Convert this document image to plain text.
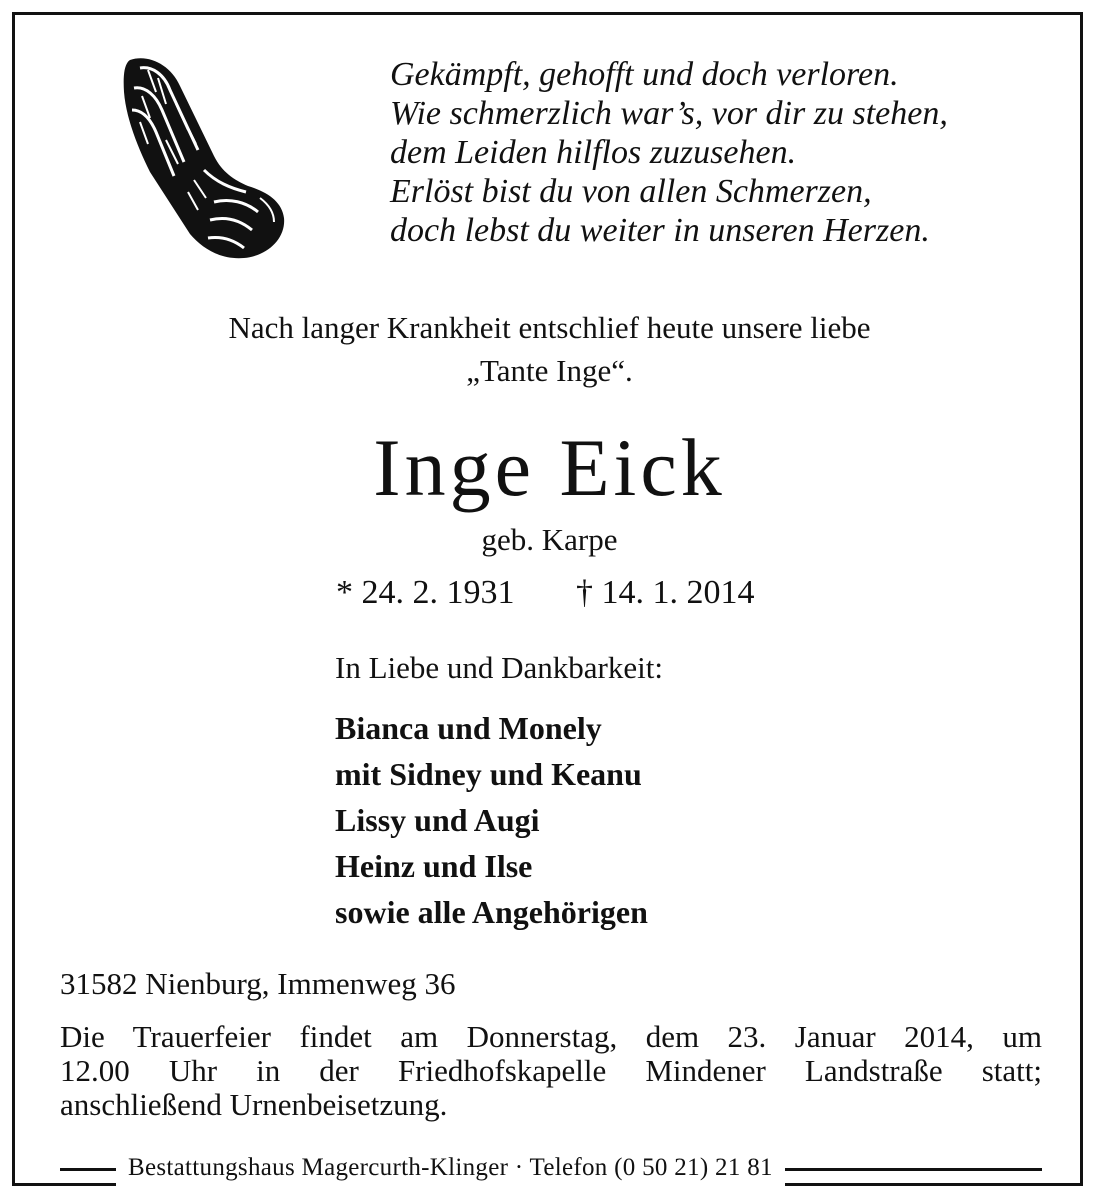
Gekämpft, gehofft und doch verloren.
Wie schmerzlich war’s, vor dir zu stehen,
dem Leiden hilflos zuzusehen.
Erlöst bist du von allen Schmerzen,
doch lebst du weiter in unseren Herzen.
Nach langer Krankheit entschlief heute unsere liebe
„Tante Inge“.
Inge Eick
geb. Karpe
* 24. 2. 1931 † 14. 1. 2014
In Liebe und Dankbarkeit:
Bianca und Monely
mit Sidney und Keanu
Lissy und Augi
Heinz und Ilse
sowie alle Angehörigen
31582 Nienburg, Immenweg 36
Die Trauerfeier findet am Donnerstag, dem 23. Januar 2014, um
12.00 Uhr in der Friedhofskapelle Mindener Landstraße statt;
anschließend Urnenbeisetzung.
Bestattungshaus Magercurth-Klinger · Telefon (0 50 21) 21 81
